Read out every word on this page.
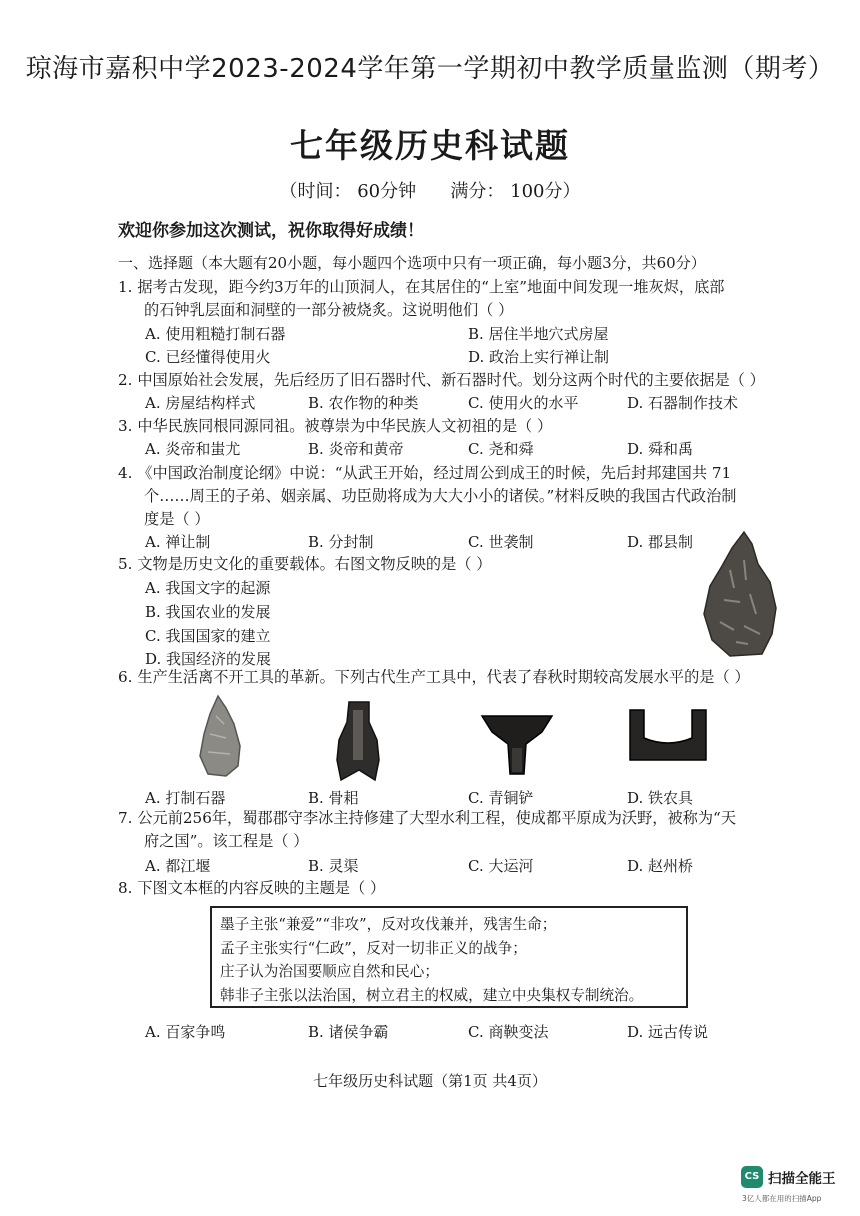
琼海市嘉积中学2023-2024学年第一学期初中教学质量监测（期考）
七年级历史科试题
（时间： 60分钟      满分： 100分）
欢迎你参加这次测试，祝你取得好成绩！
一、选择题（本大题有20小题，每小题四个选项中只有一项正确，每小题3分，共60分）
1. 据考古发现，距今约3万年的山顶洞人，在其居住的“上室”地面中间发现一堆灰烬，底部
的石钟乳层面和洞壁的一部分被烧炙。这说明他们（ ）
A. 使用粗糙打制石器	B. 居住半地穴式房屋
C. 已经懂得使用火	D. 政治上实行禅让制
2. 中国原始社会发展，先后经历了旧石器时代、新石器时代。划分这两个时代的主要依据是（ ）
A. 房屋结构样式	B. 农作物的种类	C. 使用火的水平	D. 石器制作技术
3. 中华民族同根同源同祖。被尊崇为中华民族人文初祖的是（ ）
A. 炎帝和蚩尤	B. 炎帝和黄帝	C. 尧和舜	D. 舜和禹
4. 《中国政治制度论纲》中说：“从武王开始，经过周公到成王的时候，先后封邦建国共 71
个……周王的子弟、姻亲属、功臣勋将成为大大小小的诸侯。”材料反映的我国古代政治制
度是（ ）
A. 禅让制	B. 分封制	C. 世袭制	D. 郡县制
5. 文物是历史文化的重要载体。右图文物反映的是（ ）
A. 我国文字的起源
B. 我国农业的发展
C. 我国国家的建立
D. 我国经济的发展
6. 生产生活离不开工具的革新。下列古代生产工具中，代表了春秋时期较高发展水平的是（ ）
A. 打制石器	B. 骨耜	C. 青铜铲	D. 铁农具
7. 公元前256年，蜀郡郡守李冰主持修建了大型水利工程，使成都平原成为沃野，被称为“天
府之国”。该工程是（ ）
A. 都江堰	B. 灵渠	C. 大运河	D. 赵州桥
8. 下图文本框的内容反映的主题是（ ）
墨子主张“兼爱”“非攻”，反对攻伐兼并，残害生命；
孟子主张实行“仁政”，反对一切非正义的战争；
庄子认为治国要顺应自然和民心；
韩非子主张以法治国，树立君主的权威，建立中央集权专制统治。
A. 百家争鸣	B. 诸侯争霸	C. 商鞅变法	D. 远古传说
七年级历史科试题（第1页 共4页）
CS 扫描全能王
3亿人都在用的扫描App
